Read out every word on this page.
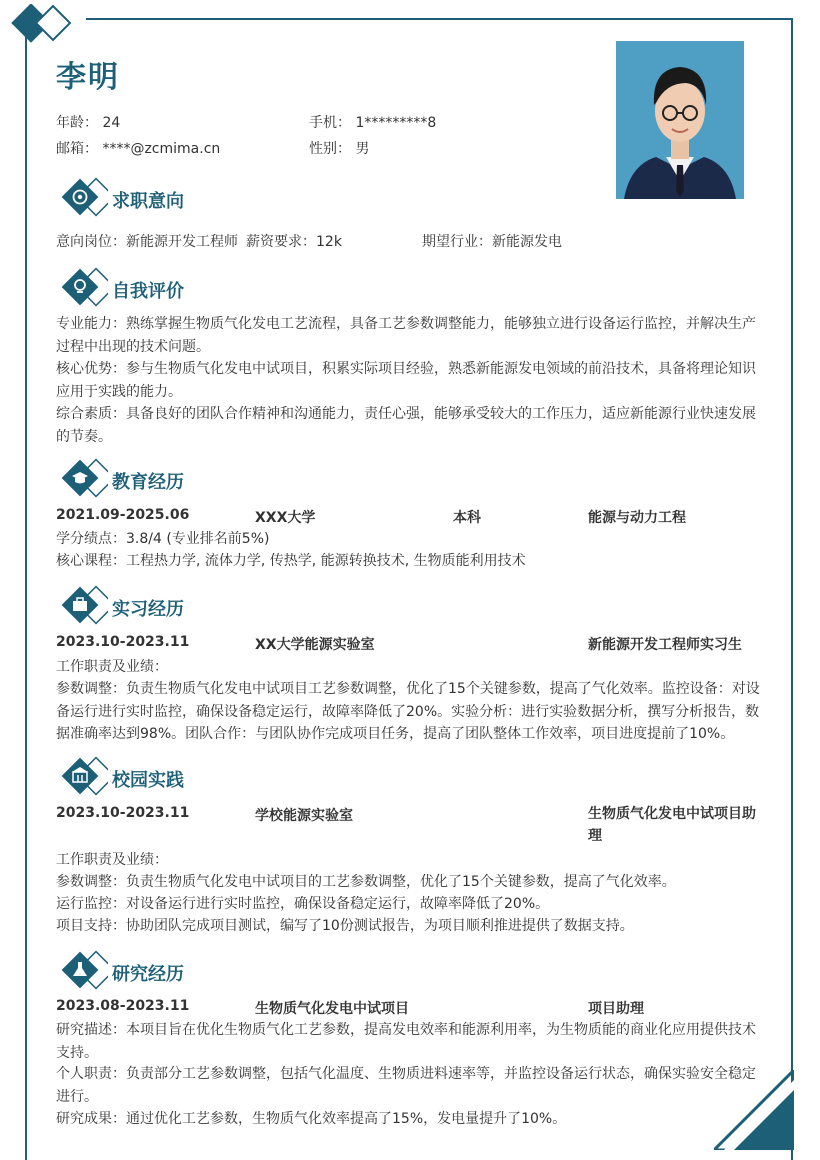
李明
年龄： 24	手机： 1*********8
邮箱： ****@zcmima.cn	性别： 男
求职意向
意向岗位：新能源开发工程师 薪资要求：12k	期望行业：新能源发电
自我评价
专业能力：熟练掌握生物质气化发电工艺流程，具备工艺参数调整能力，能够独立进行设备运行监控，并解决生产过程中出现的技术问题。
核心优势：参与生物质气化发电中试项目，积累实际项目经验，熟悉新能源发电领域的前沿技术，具备将理论知识应用于实践的能力。
综合素质：具备良好的团队合作精神和沟通能力，责任心强，能够承受较大的工作压力，适应新能源行业快速发展的节奏。
教育经历
2021.09-2025.06	XXX大学	本科	能源与动力工程
学分绩点：3.8/4 (专业排名前5%)
核心课程：工程热力学, 流体力学, 传热学, 能源转换技术, 生物质能利用技术
实习经历
2023.10-2023.11	XX大学能源实验室	新能源开发工程师实习生
工作职责及业绩：
参数调整：负责生物质气化发电中试项目工艺参数调整，优化了15个关键参数，提高了气化效率。监控设备：对设备运行进行实时监控，确保设备稳定运行，故障率降低了20%。实验分析：进行实验数据分析，撰写分析报告，数据准确率达到98%。团队合作：与团队协作完成项目任务，提高了团队整体工作效率，项目进度提前了10%。
校园实践
2023.10-2023.11	学校能源实验室	生物质气化发电中试项目助理
工作职责及业绩：
参数调整：负责生物质气化发电中试项目的工艺参数调整，优化了15个关键参数，提高了气化效率。
运行监控：对设备运行进行实时监控，确保设备稳定运行，故障率降低了20%。
项目支持：协助团队完成项目测试，编写了10份测试报告，为项目顺利推进提供了数据支持。
研究经历
2023.08-2023.11	生物质气化发电中试项目	项目助理
研究描述：本项目旨在优化生物质气化工艺参数，提高发电效率和能源利用率，为生物质能的商业化应用提供技术支持。
个人职责：负责部分工艺参数调整，包括气化温度、生物质进料速率等，并监控设备运行状态，确保实验安全稳定进行。
研究成果：通过优化工艺参数，生物质气化效率提高了15%，发电量提升了10%。
